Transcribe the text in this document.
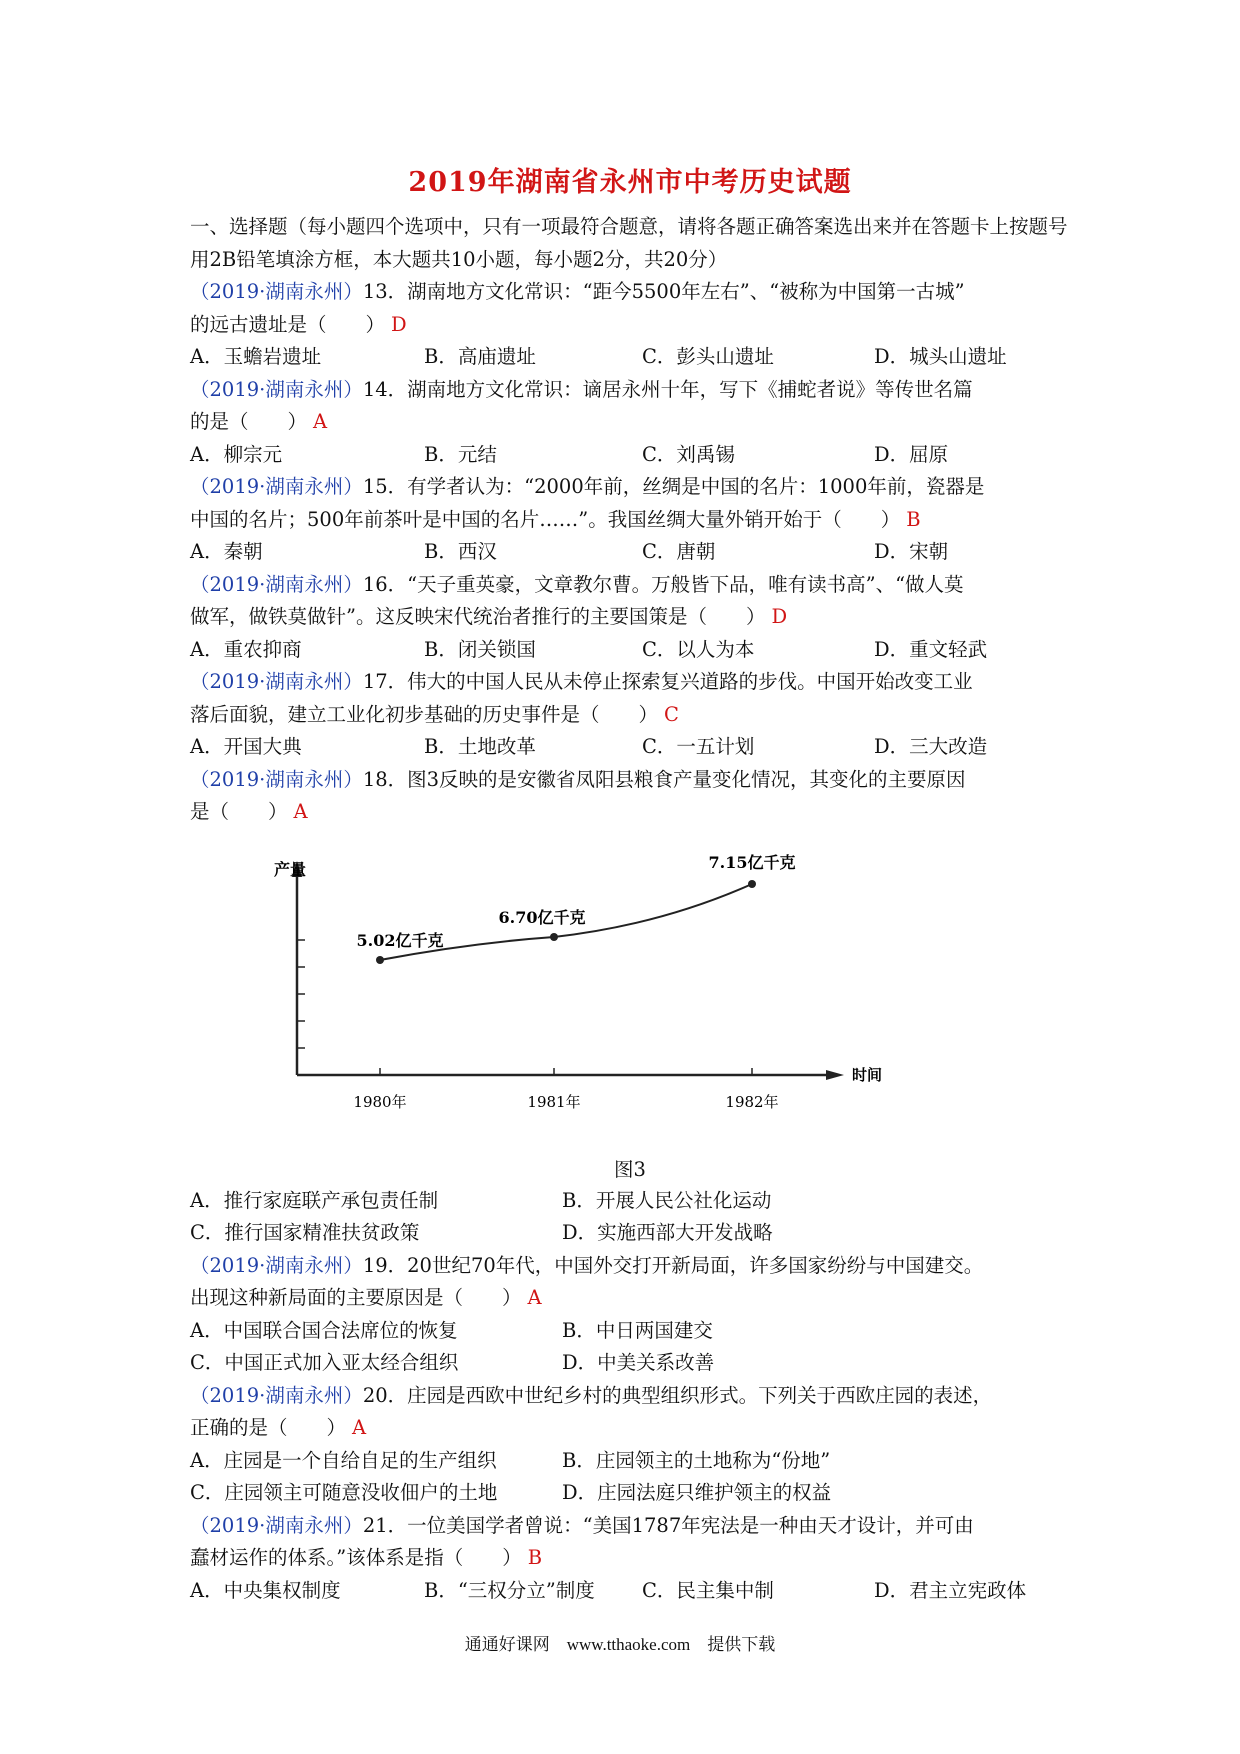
2019年湖南省永州市中考历史试题
一、选择题（每小题四个选项中，只有一项最符合题意，请将各题正确答案选出来并在答题卡上按题号用2B铅笔填涂方框，本大题共10小题，每小题2分，共20分）
（2019·湖南永州）13．湖南地方文化常识：“距今5500年左右”、“被称为中国第一古城”
的远古遗址是（　　） D
A．玉蟾岩遗址	B．高庙遗址	C．彭头山遗址	D．城头山遗址
（2019·湖南永州）14．湖南地方文化常识：谪居永州十年，写下《捕蛇者说》等传世名篇
的是（　　） A
A．柳宗元	B．元结	C．刘禹锡	D．屈原
（2019·湖南永州）15．有学者认为：“2000年前，丝绸是中国的名片：1000年前，瓷器是
中国的名片；500年前茶叶是中国的名片……”。我国丝绸大量外销开始于（　　） B
A．秦朝	B．西汉	C．唐朝	D．宋朝
（2019·湖南永州）16．“天子重英豪，文章教尔曹。万般皆下品，唯有读书高”、“做人莫
做军，做铁莫做针”。这反映宋代统治者推行的主要国策是（　　） D
A．重农抑商	B．闭关锁国	C．以人为本	D．重文轻武
（2019·湖南永州）17．伟大的中国人民从未停止探索复兴道路的步伐。中国开始改变工业
落后面貌，建立工业化初步基础的历史事件是（　　） C
A．开国大典	B．土地改革	C．一五计划	D．三大改造
（2019·湖南永州）18．图3反映的是安徽省凤阳县粮食产量变化情况，其变化的主要原因
是（　　） A
产量
时间
5.02亿千克
1980年
6.70亿千克
1981年
7.15亿千克
1982年
图3
A．推行家庭联产承包责任制	B．开展人民公社化运动
C．推行国家精准扶贫政策	D．实施西部大开发战略
（2019·湖南永州）19．20世纪70年代，中国外交打开新局面，许多国家纷纷与中国建交。
出现这种新局面的主要原因是（　　） A
A．中国联合国合法席位的恢复	B．中日两国建交
C．中国正式加入亚太经合组织	D．中美关系改善
（2019·湖南永州）20．庄园是西欧中世纪乡村的典型组织形式。下列关于西欧庄园的表述，
正确的是（　　） A
A．庄园是一个自给自足的生产组织	B．庄园领主的土地称为“份地”
C．庄园领主可随意没收佃户的土地	D．庄园法庭只维护领主的权益
（2019·湖南永州）21．一位美国学者曾说：“美国1787年宪法是一种由天才设计，并可由
蠢材运作的体系。”该体系是指（　　） B
A．中央集权制度	B．“三权分立”制度	C．民主集中制	D．君主立宪政体
通通好课网　www.tthaoke.com　提供下载
